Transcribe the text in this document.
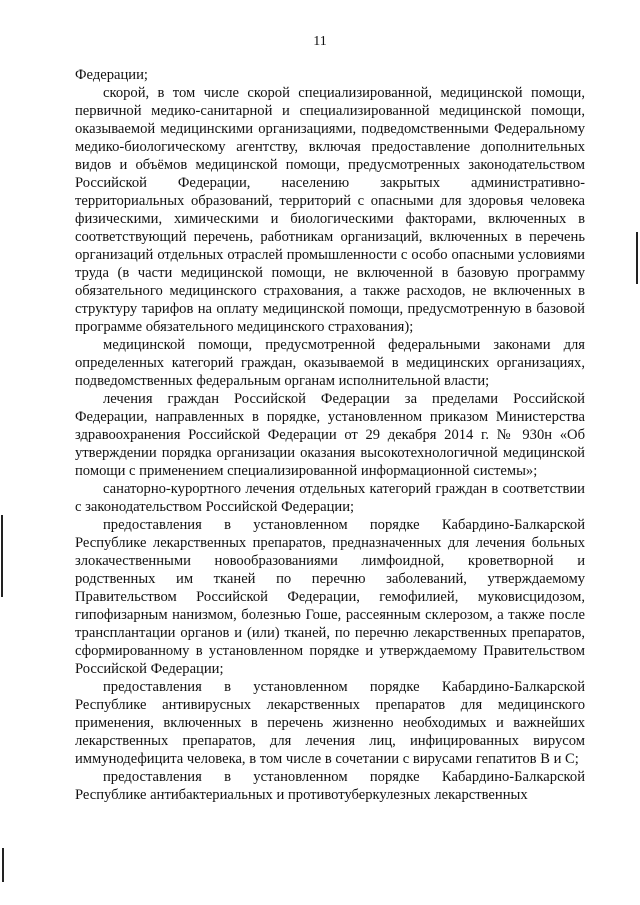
11

Федерации;

скорой, в том числе скорой специализированной, медицинской помощи, первичной медико-санитарной и специализированной медицинской помощи, оказываемой медицинскими организациями, подведомственными Федеральному медико-биологическому агентству, включая предоставление дополнительных видов и объёмов медицинской помощи, предусмотренных законодательством Российской Федерации, населению закрытых административно-территориальных образований, территорий с опасными для здоровья человека физическими, химическими и биологическими факторами, включенных в соответствующий перечень, работникам организаций, включенных в перечень организаций отдельных отраслей промышленности с особо опасными условиями труда (в части медицинской помощи, не включенной в базовую программу обязательного медицинского страхования, а также расходов, не включенных в структуру тарифов на оплату медицинской помощи, предусмотренную в базовой программе обязательного медицинского страхования);

медицинской помощи, предусмотренной федеральными законами для определенных категорий граждан, оказываемой в медицинских организациях, подведомственных федеральным органам исполнительной власти;

лечения граждан Российской Федерации за пределами Российской Федерации, направленных в порядке, установленном приказом Министерства здравоохранения Российской Федерации от 29 декабря 2014 г. № 930н «Об утверждении порядка организации оказания высокотехнологичной медицинской помощи с применением специализированной информационной системы»;

санаторно-курортного лечения отдельных категорий граждан в соответствии с законодательством Российской Федерации;

предоставления в установленном порядке Кабардино-Балкарской Республике лекарственных препаратов, предназначенных для лечения больных злокачественными новообразованиями лимфоидной, кроветворной и родственных им тканей по перечню заболеваний, утверждаемому Правительством Российской Федерации, гемофилией, муковисцидозом, гипофизарным нанизмом, болезнью Гоше, рассеянным склерозом, а также после трансплантации органов и (или) тканей, по перечню лекарственных препаратов, сформированному в установленном порядке и утверждаемому Правительством Российской Федерации;

предоставления в установленном порядке Кабардино-Балкарской Республике антивирусных лекарственных препаратов для медицинского применения, включенных в перечень жизненно необходимых и важнейших лекарственных препаратов, для лечения лиц, инфицированных вирусом иммунодефицита человека, в том числе в сочетании с вирусами гепатитов В и С;

предоставления в установленном порядке Кабардино-Балкарской Республике антибактериальных и противотуберкулезных лекарственных
